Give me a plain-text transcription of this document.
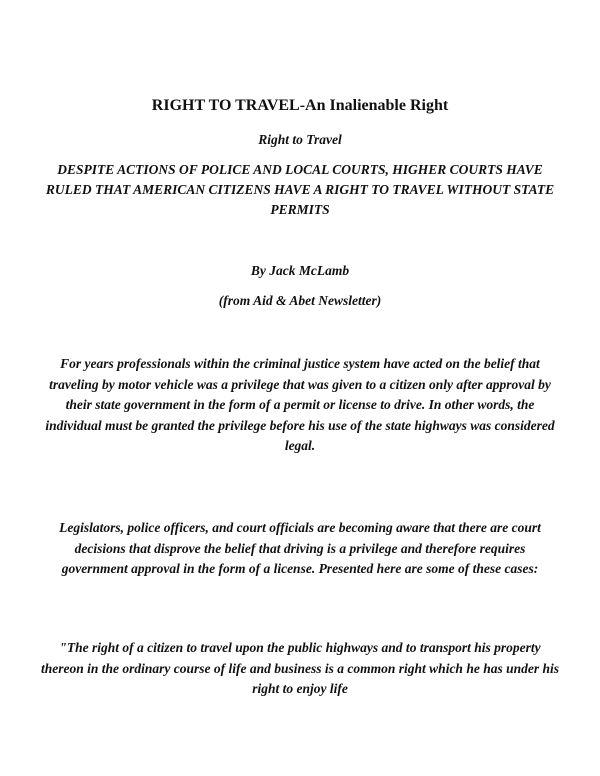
RIGHT TO TRAVEL-An Inalienable Right

Right to Travel

DESPITE ACTIONS OF POLICE AND LOCAL COURTS, HIGHER COURTS HAVE RULED THAT AMERICAN CITIZENS HAVE A RIGHT TO TRAVEL WITHOUT STATE PERMITS

By Jack McLamb

(from Aid & Abet Newsletter)

For years professionals within the criminal justice system have acted on the belief that traveling by motor vehicle was a privilege that was given to a citizen only after approval by their state government in the form of a permit or license to drive. In other words, the individual must be granted the privilege before his use of the state highways was considered legal.

Legislators, police officers, and court officials are becoming aware that there are court decisions that disprove the belief that driving is a privilege and therefore requires government approval in the form of a license. Presented here are some of these cases:

"The right of a citizen to travel upon the public highways and to transport his property thereon in the ordinary course of life and business is a common right which he has under his right to enjoy life
